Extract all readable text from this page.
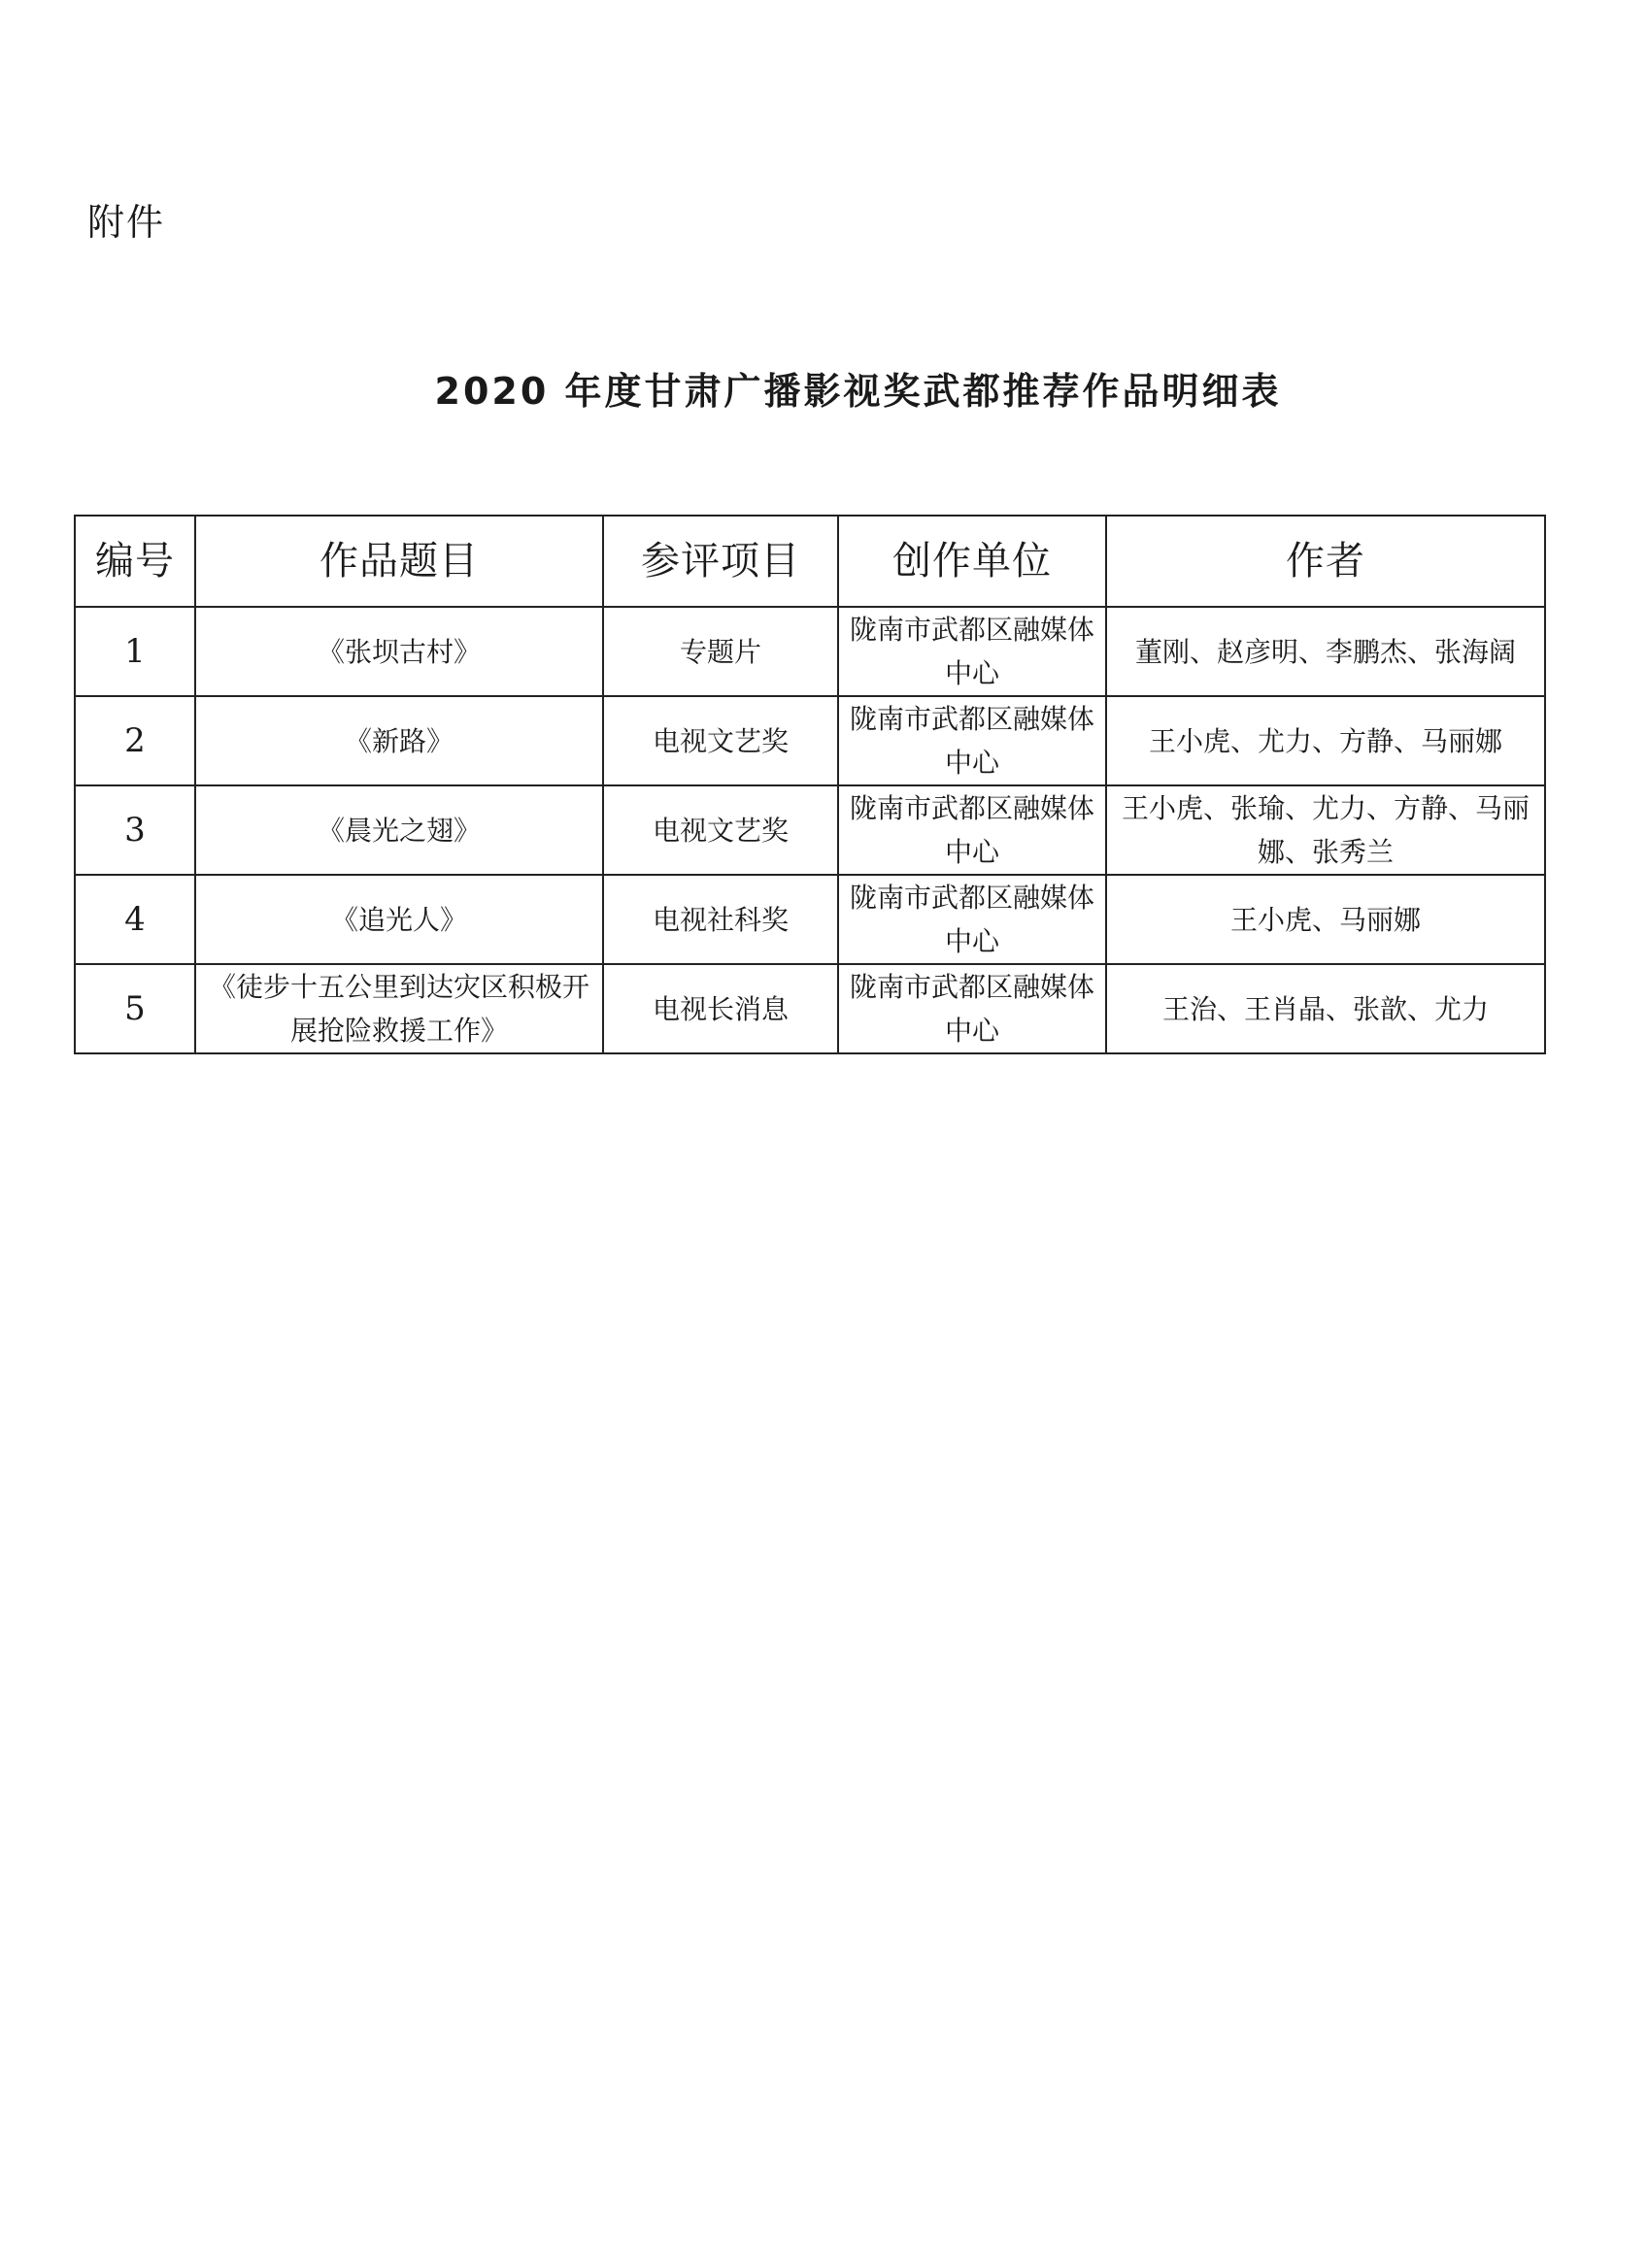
附件
2020 年度甘肃广播影视奖武都推荐作品明细表
编号	作品题目	参评项目	创作单位	作者
1	《张坝古村》	专题片	陇南市武都区融媒体中心	董刚、赵彦明、李鹏杰、张海阔
2	《新路》	电视文艺奖	陇南市武都区融媒体中心	王小虎、尤力、方静、马丽娜
3	《晨光之翅》	电视文艺奖	陇南市武都区融媒体中心	王小虎、张瑜、尤力、方静、马丽娜、张秀兰
4	《追光人》	电视社科奖	陇南市武都区融媒体中心	王小虎、马丽娜
5	《徒步十五公里到达灾区积极开展抢险救援工作》	电视长消息	陇南市武都区融媒体中心	王治、王肖晶、张歆、尤力
